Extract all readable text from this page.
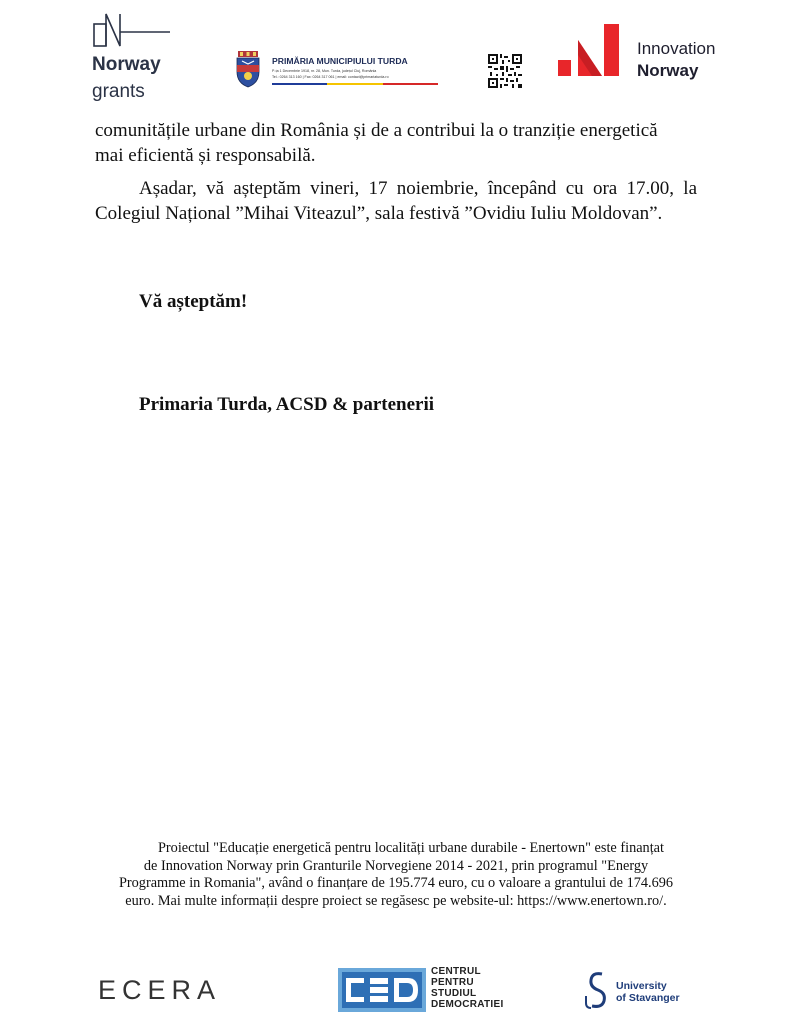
Norway
grants
PRIMĂRIA MUNICIPIULUI TURDA
P-ța 1 Decembrie 1918, nr. 28, Mun. Turda, județul Cluj, România
Tel.: 0264 313 160 | Fax: 0264 317 061 | email: contact@primariaturda.ro
Innovation
Norway
comunitățile urbane din România și de a contribui la o tranziție energetică
mai eficientă și responsabilă.
Așadar, vă așteptăm vineri, 17 noiembrie, începând cu ora 17.00, la Colegiul Național ”Mihai Viteazul”, sala festivă ”Ovidiu Iuliu Moldovan”.
Vă așteptăm!
Primaria Turda, ACSD & partenerii
Proiectul "Educație energetică pentru localități urbane durabile - Enertown" este finanțat
de Innovation Norway prin Granturile Norvegiene 2014 - 2021, prin programul "Energy
Programme in Romania", având o finanțare de 195.774 euro, cu o valoare a grantului de 174.696
euro. Mai multe informații despre proiect se regăsesc pe website-ul: https://www.enertown.ro/.
ECERA
CENTRUL
PENTRU
STUDIUL
DEMOCRATIEI
University
of Stavanger
